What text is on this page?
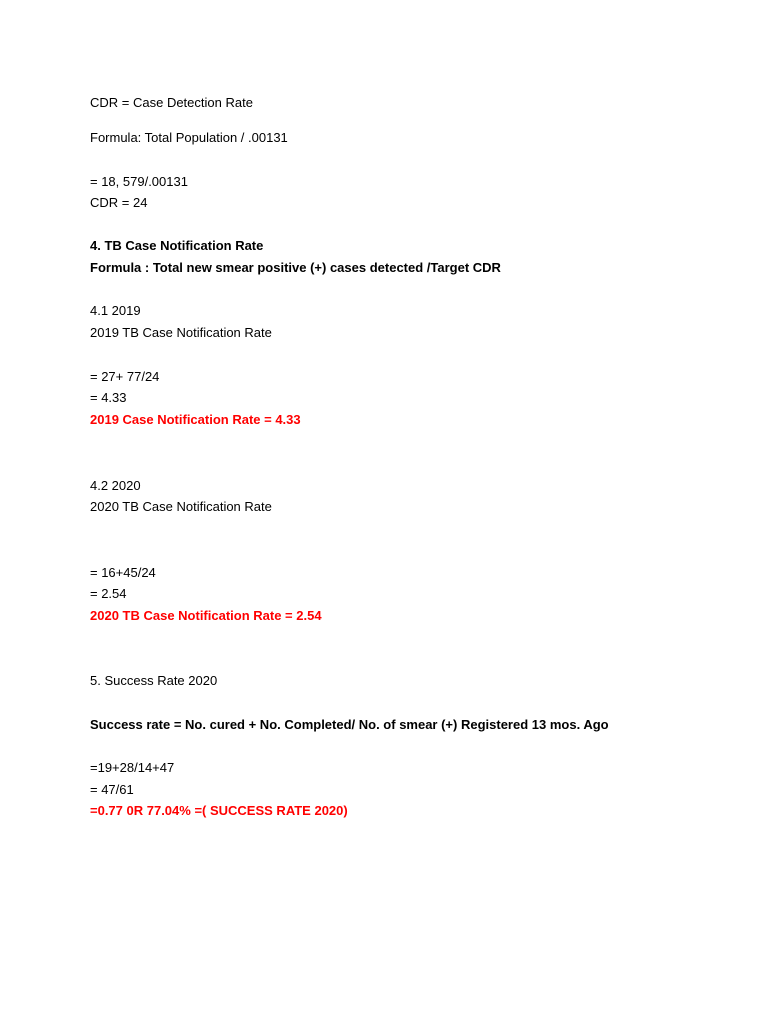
CDR = Case Detection Rate
Formula: Total Population / .00131
= 18, 579/.00131
CDR = 24
4. TB Case Notification Rate
Formula : Total new smear positive (+) cases detected /Target CDR
4.1 2019
2019 TB Case Notification Rate
= 27+ 77/24
= 4.33
2019 Case Notification Rate = 4.33
4.2 2020
2020 TB Case Notification Rate
= 16+45/24
= 2.54
2020 TB Case Notification Rate = 2.54
5. Success Rate 2020
Success rate = No. cured + No. Completed/ No. of smear (+) Registered 13 mos. Ago
=19+28/14+47
= 47/61
=0.77 0R 77.04% =( SUCCESS RATE 2020)
